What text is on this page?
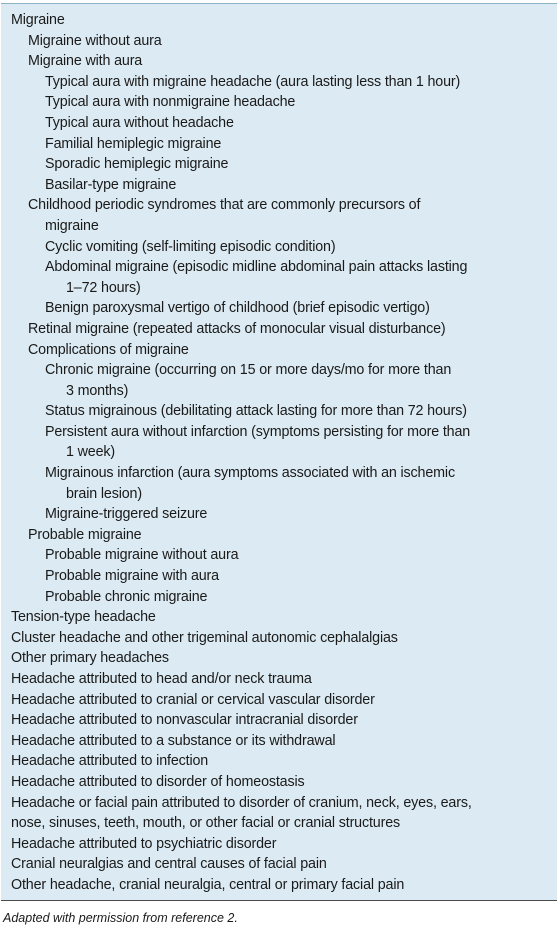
Migraine
Migraine without aura
Migraine with aura
Typical aura with migraine headache (aura lasting less than 1 hour)
Typical aura with nonmigraine headache
Typical aura without headache
Familial hemiplegic migraine
Sporadic hemiplegic migraine
Basilar-type migraine
Childhood periodic syndromes that are commonly precursors of
migraine
Cyclic vomiting (self-limiting episodic condition)
Abdominal migraine (episodic midline abdominal pain attacks lasting
1–72 hours)
Benign paroxysmal vertigo of childhood (brief episodic vertigo)
Retinal migraine (repeated attacks of monocular visual disturbance)
Complications of migraine
Chronic migraine (occurring on 15 or more days/mo for more than
3 months)
Status migrainous (debilitating attack lasting for more than 72 hours)
Persistent aura without infarction (symptoms persisting for more than
1 week)
Migrainous infarction (aura symptoms associated with an ischemic
brain lesion)
Migraine-triggered seizure
Probable migraine
Probable migraine without aura
Probable migraine with aura
Probable chronic migraine
Tension-type headache
Cluster headache and other trigeminal autonomic cephalalgias
Other primary headaches
Headache attributed to head and/or neck trauma
Headache attributed to cranial or cervical vascular disorder
Headache attributed to nonvascular intracranial disorder
Headache attributed to a substance or its withdrawal
Headache attributed to infection
Headache attributed to disorder of homeostasis
Headache or facial pain attributed to disorder of cranium, neck, eyes, ears,
nose, sinuses, teeth, mouth, or other facial or cranial structures
Headache attributed to psychiatric disorder
Cranial neuralgias and central causes of facial pain
Other headache, cranial neuralgia, central or primary facial pain
Adapted with permission from reference 2.
